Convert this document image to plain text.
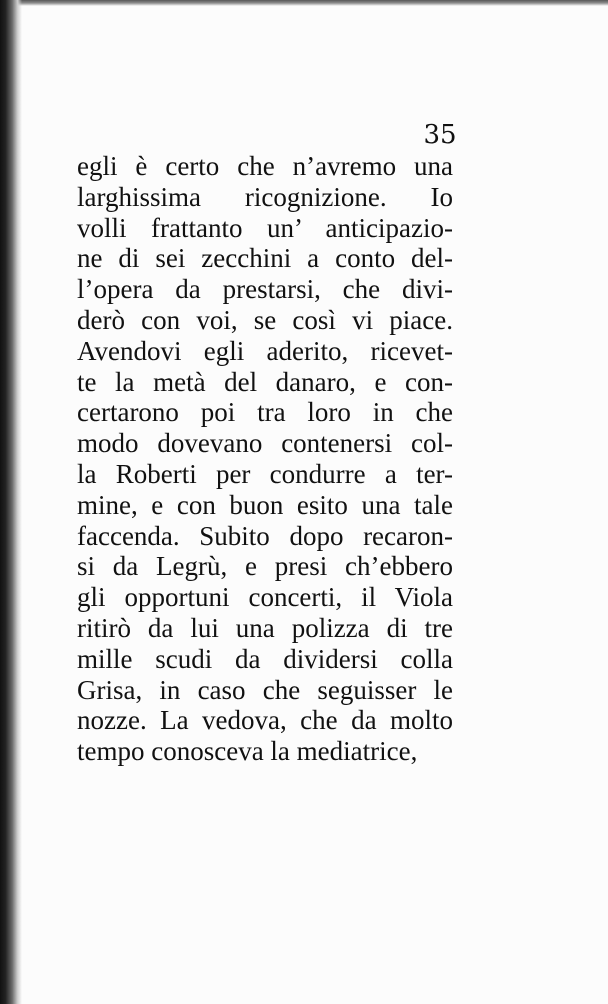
35
egli è certo che n’avremo una
larghissima ricognizione. Io
volli frattanto un’ anticipazio-
ne di sei zecchini a conto del-
l’opera da prestarsi, che divi-
derò con voi, se così vi piace.
Avendovi egli aderito, ricevet-
te la metà del danaro, e con-
certarono poi tra loro in che
modo dovevano contenersi col-
la Roberti per condurre a ter-
mine, e con buon esito una tale
faccenda. Subito dopo recaron-
si da Legrù, e presi ch’ebbero
gli opportuni concerti, il Viola
ritirò da lui una polizza di tre
mille scudi da dividersi colla
Grisa, in caso che seguisser le
nozze. La vedova, che da molto
tempo conosceva la mediatrice,
